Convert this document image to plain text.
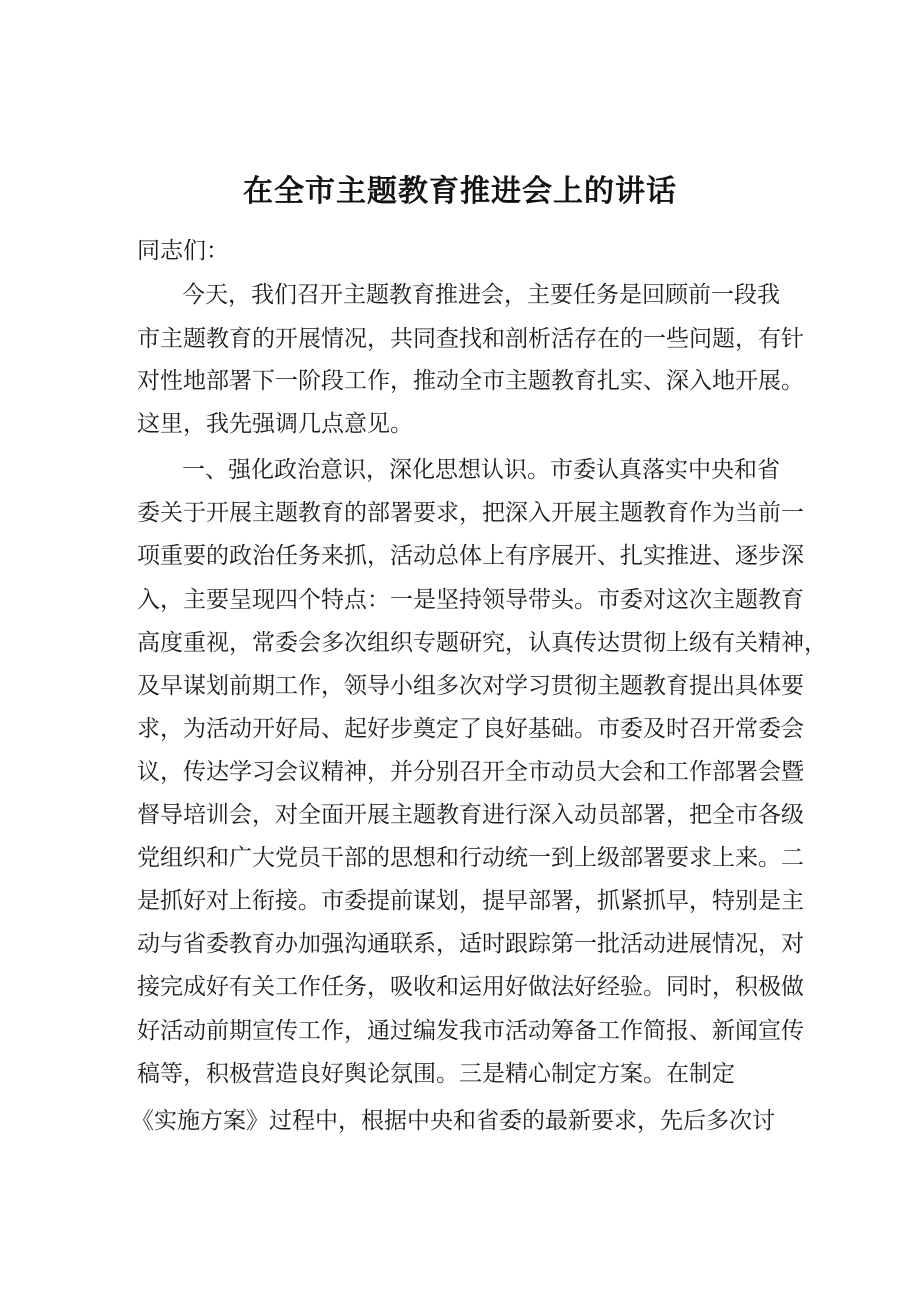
在全市主题教育推进会上的讲话
同志们：
今天，我们召开主题教育推进会，主要任务是回顾前一段我
市主题教育的开展情况，共同查找和剖析活存在的一些问题，有针
对性地部署下一阶段工作，推动全市主题教育扎实、深入地开展。
这里，我先强调几点意见。
一、强化政治意识，深化思想认识。市委认真落实中央和省
委关于开展主题教育的部署要求，把深入开展主题教育作为当前一
项重要的政治任务来抓，活动总体上有序展开、扎实推进、逐步深
入，主要呈现四个特点：一是坚持领导带头。市委对这次主题教育
高度重视，常委会多次组织专题研究，认真传达贯彻上级有关精神，
及早谋划前期工作，领导小组多次对学习贯彻主题教育提出具体要
求，为活动开好局、起好步奠定了良好基础。市委及时召开常委会
议，传达学习会议精神，并分别召开全市动员大会和工作部署会暨
督导培训会，对全面开展主题教育进行深入动员部署，把全市各级
党组织和广大党员干部的思想和行动统一到上级部署要求上来。二
是抓好对上衔接。市委提前谋划，提早部署，抓紧抓早，特别是主
动与省委教育办加强沟通联系，适时跟踪第一批活动进展情况，对
接完成好有关工作任务，吸收和运用好做法好经验。同时，积极做
好活动前期宣传工作，通过编发我市活动筹备工作简报、新闻宣传
稿等，积极营造良好舆论氛围。三是精心制定方案。在制定
《实施方案》过程中，根据中央和省委的最新要求，先后多次讨
